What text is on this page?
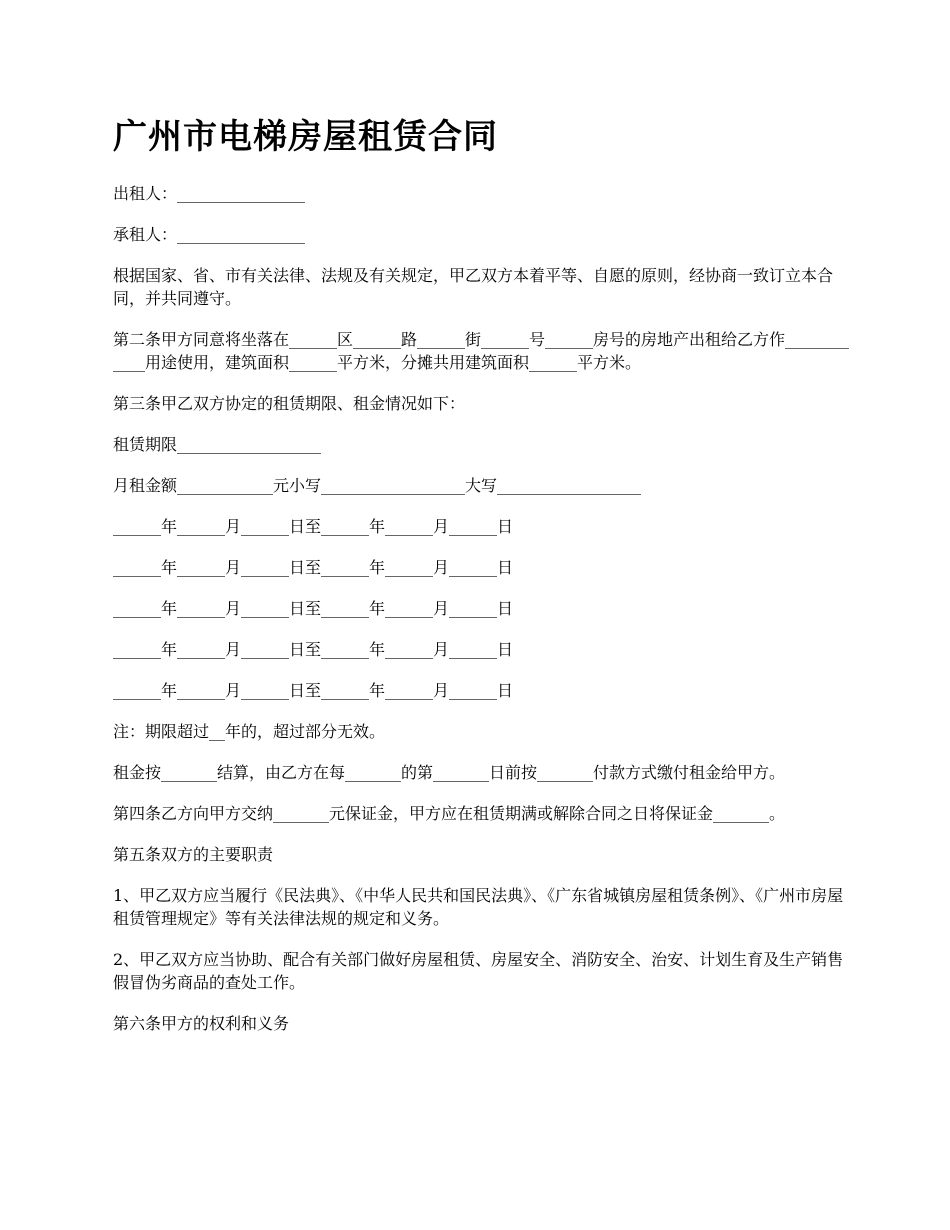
广州市电梯房屋租赁合同

出租人：________________

承租人：________________

根据国家、省、市有关法律、法规及有关规定，甲乙双方本着平等、自愿的原则，经协商一致订立本合同，并共同遵守。

第二条甲方同意将坐落在______区______路______街______号______房号的房地产出租给乙方作____________用途使用，建筑面积______平方米，分摊共用建筑面积______平方米。

第三条甲乙双方协定的租赁期限、租金情况如下：

租赁期限__________________

月租金额____________元小写__________________大写__________________

______年______月______日至______年______月______日

______年______月______日至______年______月______日

______年______月______日至______年______月______日

______年______月______日至______年______月______日

______年______月______日至______年______月______日

注：期限超过__年的，超过部分无效。

租金按_______结算，由乙方在每_______的第_______日前按_______付款方式缴付租金给甲方。

第四条乙方向甲方交纳_______元保证金，甲方应在租赁期满或解除合同之日将保证金_______。

第五条双方的主要职责

1、甲乙双方应当履行《民法典》、《中华人民共和国民法典》、《广东省城镇房屋租赁条例》、《广州市房屋租赁管理规定》等有关法律法规的规定和义务。

2、甲乙双方应当协助、配合有关部门做好房屋租赁、房屋安全、消防安全、治安、计划生育及生产销售假冒伪劣商品的查处工作。

第六条甲方的权利和义务
